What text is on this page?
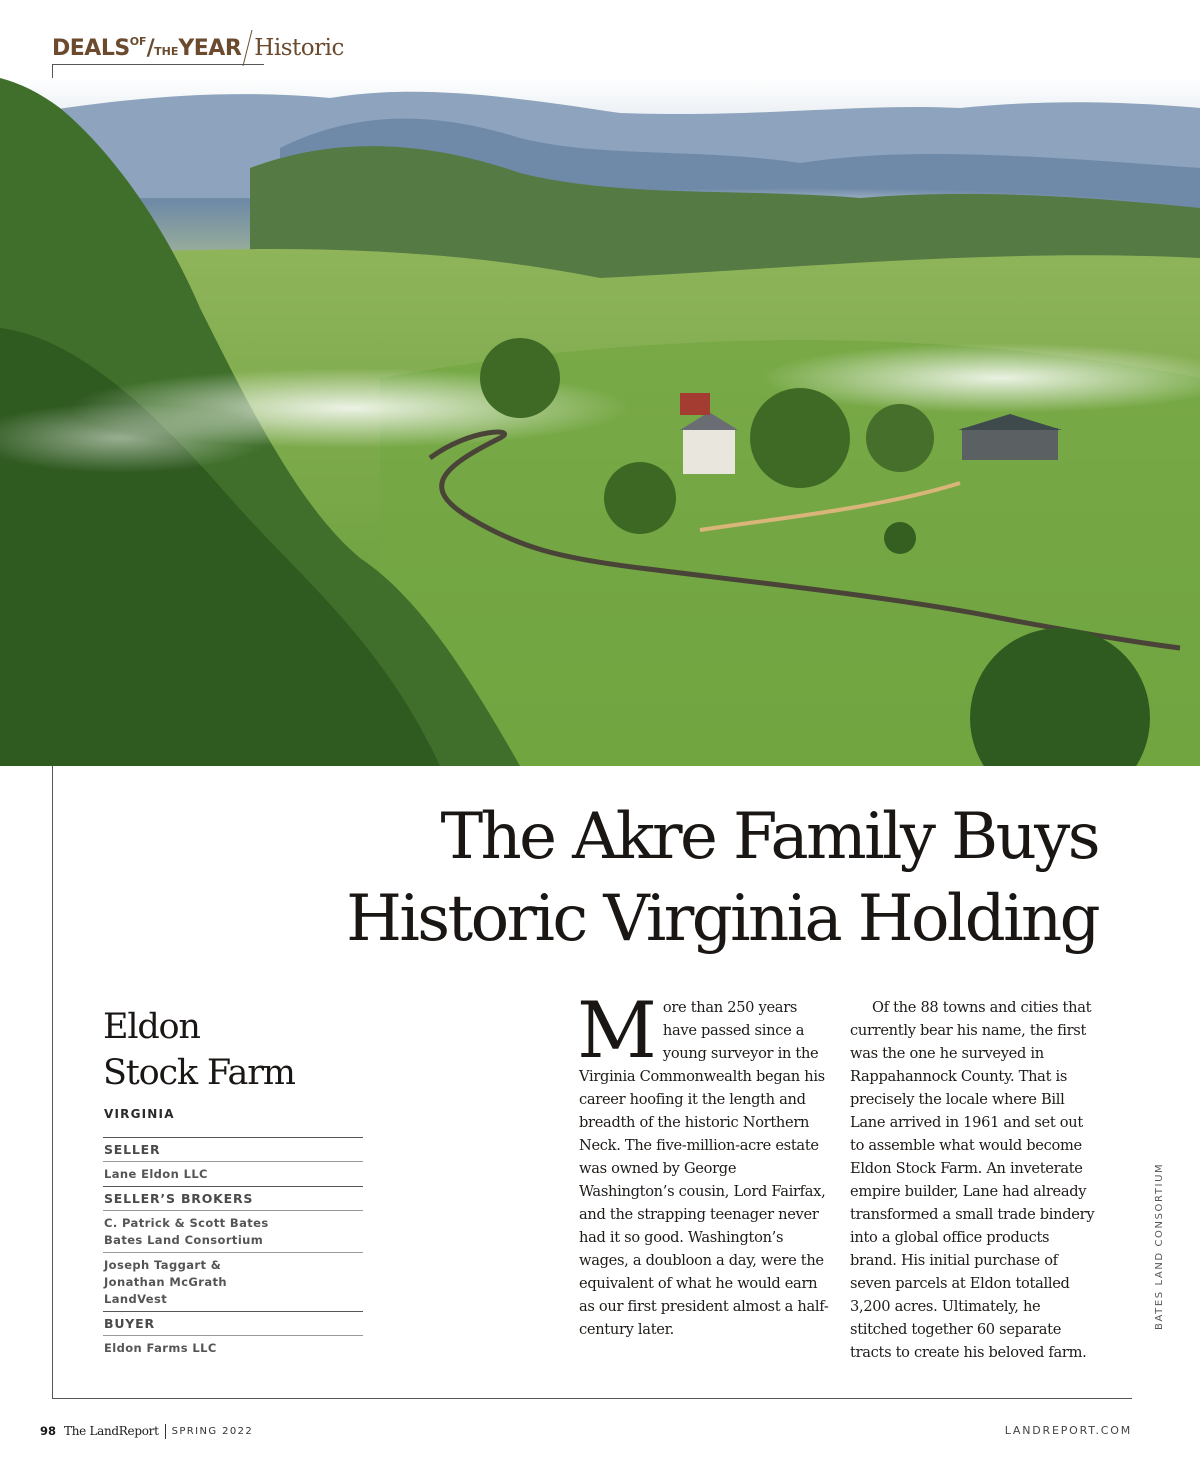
$DEALS^{OF}$/THEYEAR Historic
The Akre Family Buys
Historic Virginia Holding
Eldon
Stock Farm
VIRGINIA
SELLER
Lane Eldon LLC
SELLER’S BROKERS
C. Patrick & Scott Bates
Bates Land Consortium
Joseph Taggart &
Jonathan McGrath
LandVest
BUYER
Eldon Farms LLC

More than 250 years have passed since a young surveyor in the Virginia Commonwealth began his career hoofing it the length and breadth of the historic Northern Neck. The five-million-acre estate was owned by George Washington’s cousin, Lord Fairfax, and the strapping teenager never had it so good. Washington’s wages, a doubloon a day, were the equivalent of what he would earn as our first president almost a half-century later.

Of the 88 towns and cities that currently bear his name, the first was the one he surveyed in Rappahannock County. That is precisely the locale where Bill Lane arrived in 1961 and set out to assemble what would become Eldon Stock Farm. An inveterate empire builder, Lane had already transformed a small trade bindery into a global office products brand. His initial purchase of seven parcels at Eldon totalled 3,200 acres. Ultimately, he stitched together 60 separate tracts to create his beloved farm.

BATES LAND CONSORTIUM
98 The LandReport SPRING 2022	LANDREPORT.COM
